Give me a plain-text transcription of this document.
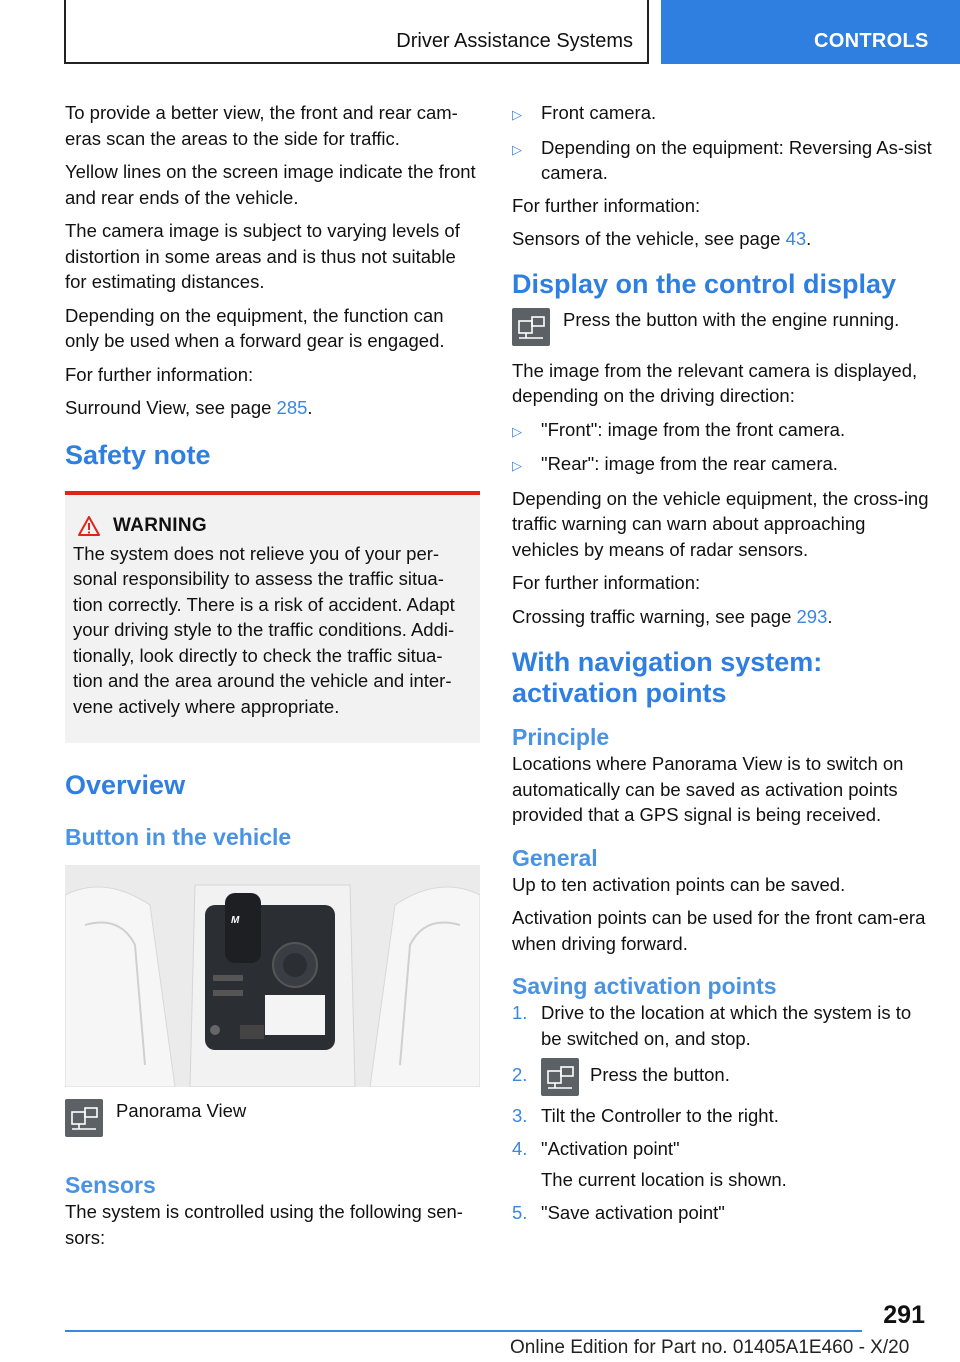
Driver Assistance Systems	CONTROLS

To provide a better view, the front and rear cam‐eras scan the areas to the side for traffic.

Yellow lines on the screen image indicate the front and rear ends of the vehicle.

The camera image is subject to varying levels of distortion in some areas and is thus not suitable for estimating distances.

Depending on the equipment, the function can only be used when a forward gear is engaged.

For further information:

Surround View, see page 285.

Safety note
WARNING

The system does not relieve you of your per‐sonal responsibility to assess the traffic situa‐tion correctly. There is a risk of accident. Adapt your driving style to the traffic conditions. Addi‐tionally, look directly to check the traffic situa‐tion and the area around the vehicle and inter‐vene actively where appropriate.

Overview
Button in the vehicle
M
Panorama View
Sensors

The system is controlled using the following sen‐sors:

▷	Front camera.
▷	Depending on the equipment: Reversing As‐sist camera.

For further information:

Sensors of the vehicle, see page 43.

Display on the control display
Press the button with the engine running.

The image from the relevant camera is displayed, depending on the driving direction:

▷	"Front": image from the front camera.
▷	"Rear": image from the rear camera.

Depending on the vehicle equipment, the cross‐ing traffic warning can warn about approaching vehicles by means of radar sensors.

For further information:

Crossing traffic warning, see page 293.

With navigation system: activation points
Principle

Locations where Panorama View is to switch on automatically can be saved as activation points provided that a GPS signal is being received.

General

Up to ten activation points can be saved.

Activation points can be used for the front cam‐era when driving forward.

Saving activation points
1. Drive to the location at which the system is to be switched on, and stop.
2.	Press the button.
3. Tilt the Controller to the right.
4. "Activation point"
The current location is shown.
5. "Save activation point"
291
Online Edition for Part no. 01405A1E460 - X/20
